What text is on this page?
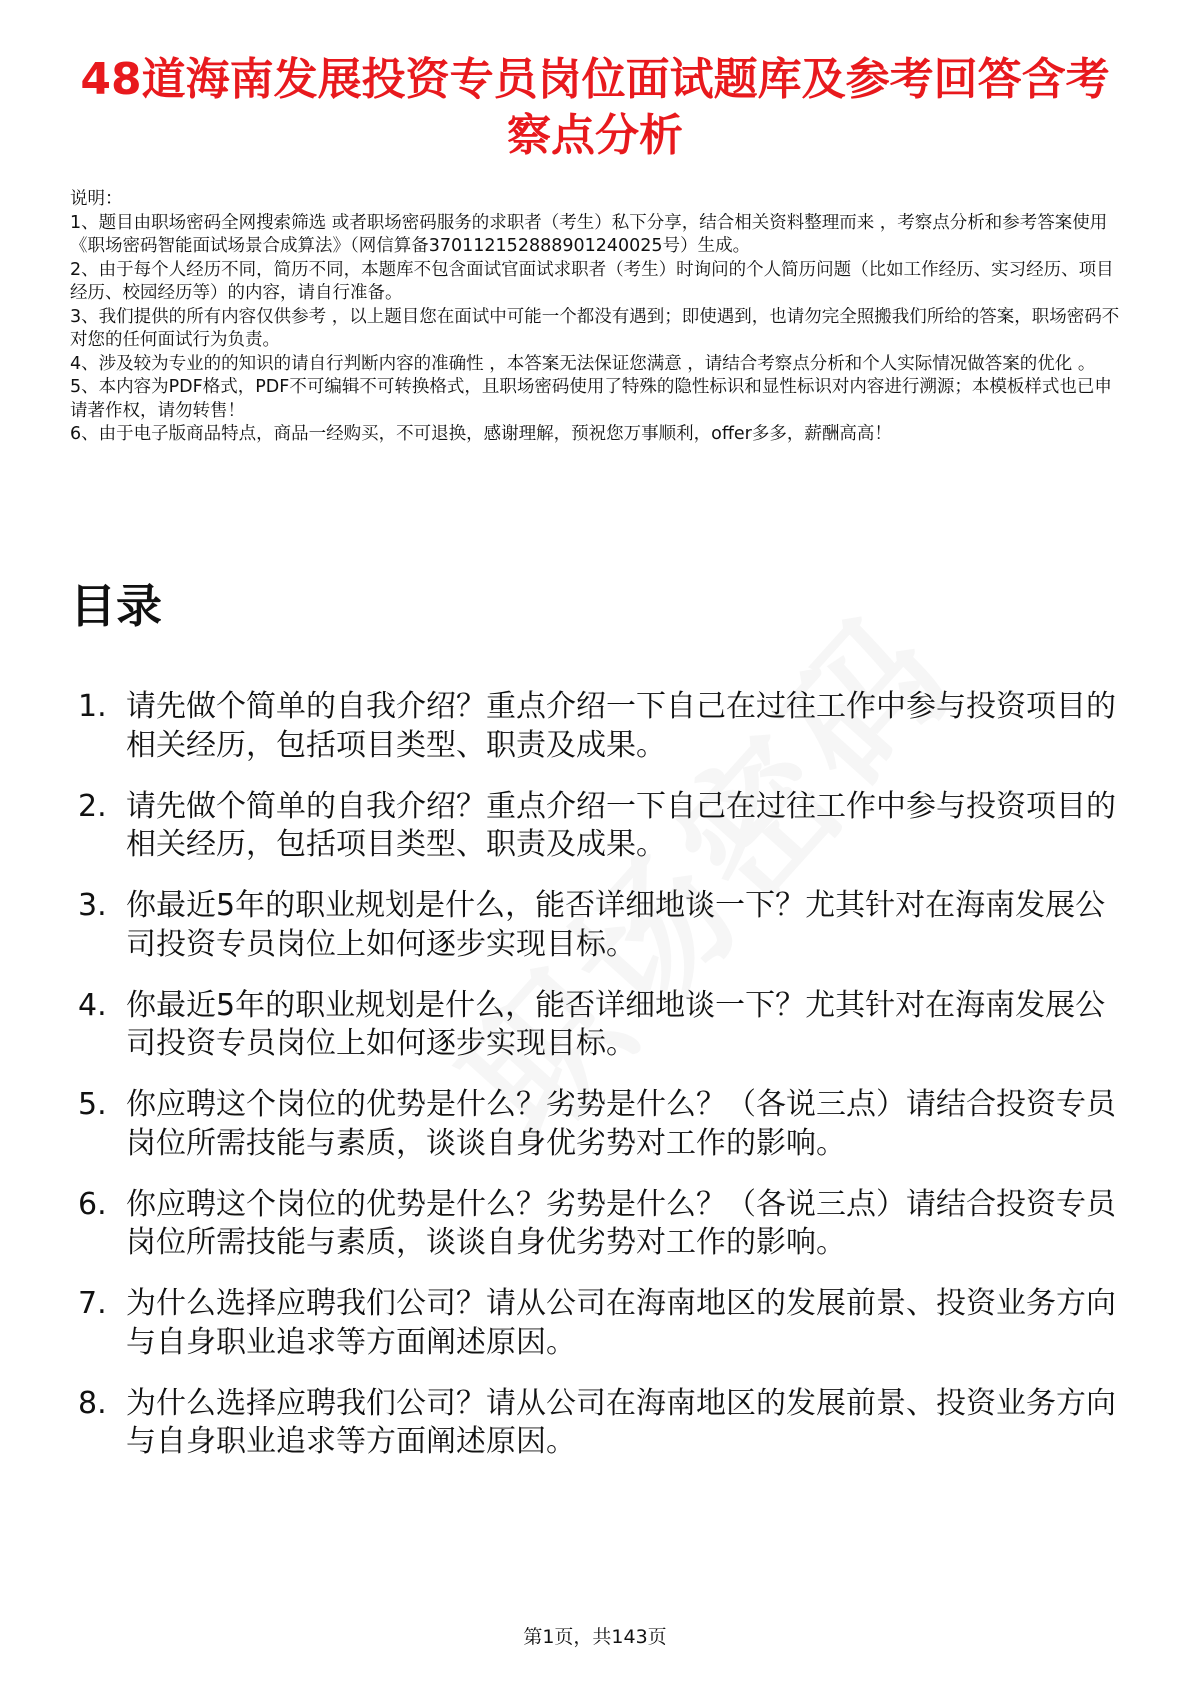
48道海南发展投资专员岗位面试题库及参考回答含考察点分析

说明：

1、题目由职场密码全网搜索筛选 或者职场密码服务的求职者（考生）私下分享，结合相关资料整理而来 ，考察点分析和参考答案使用《职场密码智能面试场景合成算法》（网信算备370112152888901240025号）生成。

2、由于每个人经历不同，简历不同，本题库不包含面试官面试求职者（考生）时询问的个人简历问题（比如工作经历、实习经历、项目经历、校园经历等）的内容，请自行准备。

3、我们提供的所有内容仅供参考 ，以上题目您在面试中可能一个都没有遇到；即使遇到，也请勿完全照搬我们所给的答案，职场密码不对您的任何面试行为负责。

4、涉及较为专业的的知识的请自行判断内容的准确性 ，本答案无法保证您满意 ，请结合考察点分析和个人实际情况做答案的优化 。

5、本内容为PDF格式，PDF不可编辑不可转换格式，且职场密码使用了特殊的隐性标识和显性标识对内容进行溯源；本模板样式也已申请著作权，请勿转售！

6、由于电子版商品特点，商品一经购买，不可退换，感谢理解，预祝您万事顺利，offer多多，薪酬高高！

目录
1. 请先做个简单的自我介绍？重点介绍一下自己在过往工作中参与投资项目的相关经历，包括项目类型、职责及成果。
2. 请先做个简单的自我介绍？重点介绍一下自己在过往工作中参与投资项目的相关经历，包括项目类型、职责及成果。
3. 你最近5年的职业规划是什么，能否详细地谈一下？尤其针对在海南发展公司投资专员岗位上如何逐步实现目标。
4. 你最近5年的职业规划是什么，能否详细地谈一下？尤其针对在海南发展公司投资专员岗位上如何逐步实现目标。
5. 你应聘这个岗位的优势是什么？劣势是什么？（各说三点）请结合投资专员岗位所需技能与素质，谈谈自身优劣势对工作的影响。
6. 你应聘这个岗位的优势是什么？劣势是什么？（各说三点）请结合投资专员岗位所需技能与素质，谈谈自身优劣势对工作的影响。
7. 为什么选择应聘我们公司？请从公司在海南地区的发展前景、投资业务方向与自身职业追求等方面阐述原因。
8. 为什么选择应聘我们公司？请从公司在海南地区的发展前景、投资业务方向与自身职业追求等方面阐述原因。
第1页，共143页
